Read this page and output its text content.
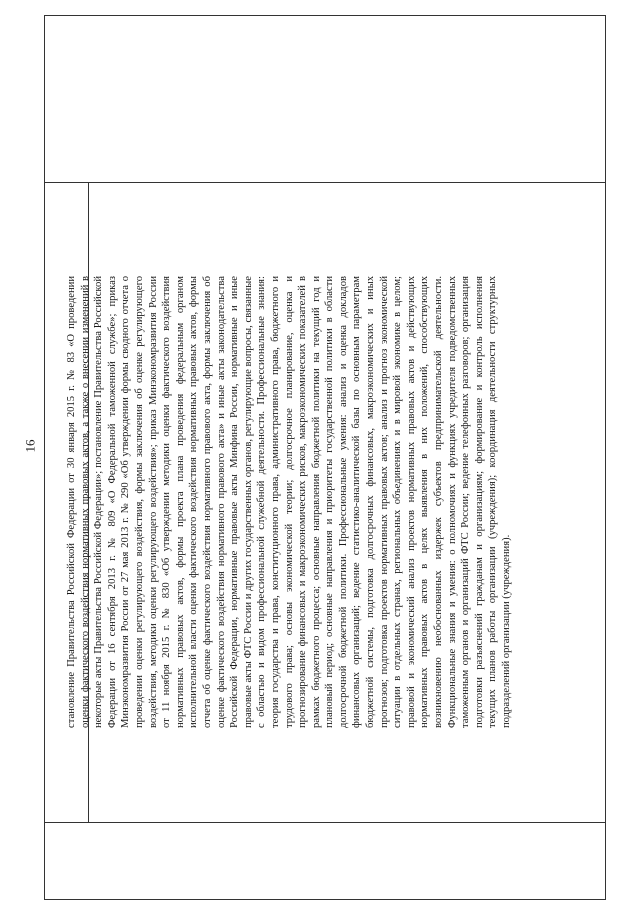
16	становление Правительства Российской Федерации от 30 января 2015 г. № 83 «О проведении оценки фактического воздействия нормативных правовых актов, а также о внесении изменений в некоторые акты Правительства Российской Федерации»; постановление Правительства Российской Федерации от 16 сентября 2013 г. № 809 «О Федеральной таможенной службе»; приказ Минэкономразвития России от 27 мая 2013 г. № 290 «Об утверждении формы сводного отчета о проведении оценки регулирующего воздействия, формы заключения об оценке регулирующего воздействия, методики оценки регулирующего воздействия»; приказ Минэкономразвития России от 11 ноября 2015 г. № 830 «Об утверждении методики оценки фактического воздействия нормативных правовых актов, формы проекта плана проведения федеральным органом исполнительной власти оценки фактического воздействия нормативных правовых актов, формы отчета об оценке фактического воздействия нормативного правового акта, формы заключения об оценке фактического воздействия нормативного правового акта» и иные акты законодательства Российской Федерации, нормативные правовые акты Минфина России, нормативные и иные правовые акты ФТС России и других государственных органов, регулирующие вопросы, связанные с областью и видом профессиональной служебной деятельности. Профессиональные знания: теория государства и права, конституционного права, административного права, бюджетного и трудового права; основы экономической теории; долгосрочное планирование, оценка и прогнозирование финансовых и макроэкономических рисков, макроэкономических показателей в рамках бюджетного процесса; основные направления бюджетной политики на текущий год и плановый период; основные направления и приоритеты государственной политики в области долгосрочной бюджетной политики. Профессиональные умения: анализ и оценка докладов финансовых организаций; ведение статистико-аналитической базы по основным параметрам бюджетной системы, подготовка долгосрочных финансовых, макроэкономических и иных прогнозов; подготовка проектов нормативных правовых актов; анализ и прогноз экономической ситуации в отдельных странах, региональных объединениях и в мировой экономике в целом; правовой и экономический анализ проектов нормативных правовых актов и действующих нормативных правовых актов в целях выявления в них положений, способствующих возникновению необоснованных издержек субъектов предпринимательской деятельности. Функциональные знания и умения: о полномочиях и функциях учредителя подведомственных таможенным органов и организаций ФТС России; ведение телефонных разговоров; организация подготовки разъяснений гражданам и организациям; формирование и контроль исполнения текущих планов работы организации (учреждения); координация деятельности структурных подразделений организации (учреждения).
